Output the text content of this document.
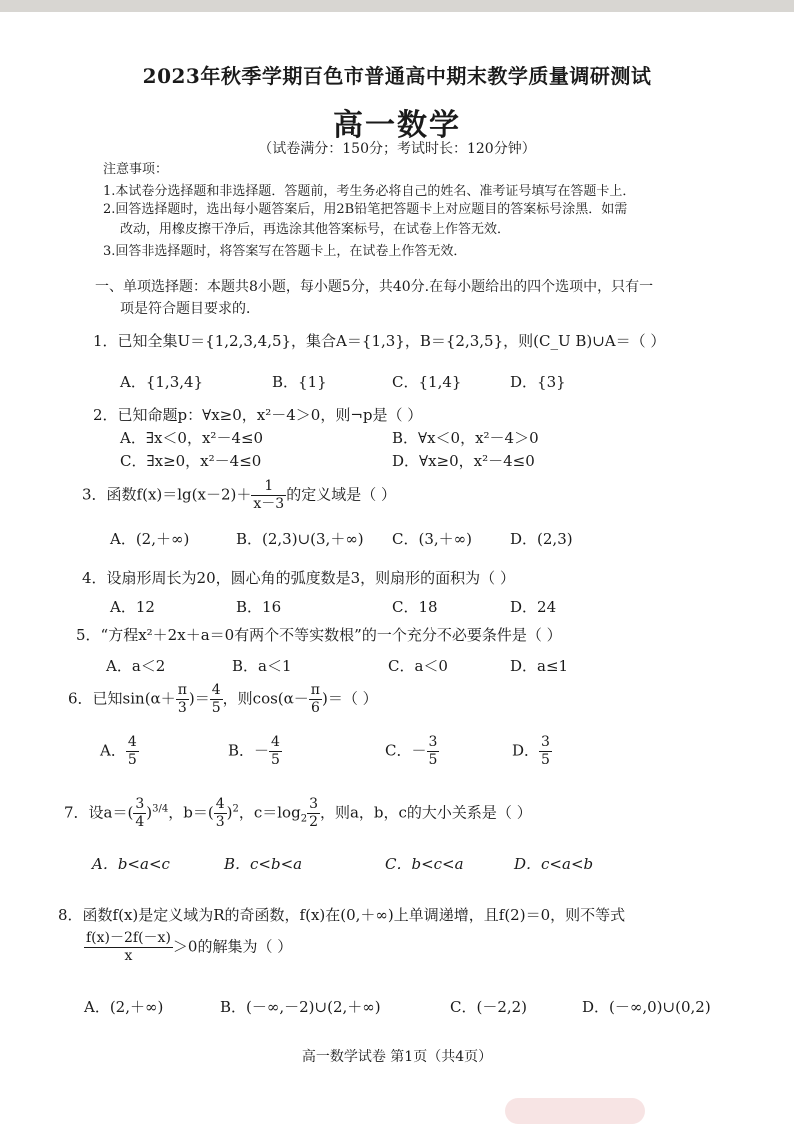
2023年秋季学期百色市普通高中期末教学质量调研测试
高一数学
（试卷满分：150分；考试时长：120分钟）
注意事项：
1.本试卷分选择题和非选择题．答题前，考生务必将自己的姓名、准考证号填写在答题卡上．
2.回答选择题时，选出每小题答案后，用2B铅笔把答题卡上对应题目的答案标号涂黑．如需
改动，用橡皮擦干净后，再选涂其他答案标号，在试卷上作答无效．
3.回答非选择题时，将答案写在答题卡上，在试卷上作答无效．
一、单项选择题：本题共8小题，每小题5分，共40分.在每小题给出的四个选项中，只有一
项是符合题目要求的．
1．已知全集U＝{1,2,3,4,5}，集合A＝{1,3}，B＝{2,3,5}，则(C_U B)∪A＝（ ）
A．{1,3,4}	B．{1}	C．{1,4}	D．{3}
2．已知命题p：∀x≥0，x²－4＞0，则¬p是（ ）
A．∃x＜0，x²－4≤0	B．∀x＜0，x²－4＞0
C．∃x≥0，x²－4≤0	D．∀x≥0，x²－4≤0
3．函数$f(x)=\lg(x-2)+ \frac{1}{x-3}$ 的定义域是（ ）
A．(2,＋∞)	B．(2,3)∪(3,＋∞) C．(3,＋∞)	D．(2,3)
4．设扇形周长为20，圆心角的弧度数是3，则扇形的面积为（ ）
A．12	B．16	C．18	D．24
5．“方程x²＋2x＋a＝0有两个不等实数根”的一个充分不必要条件是（ ）
A．a＜2	B．a＜1	C．a＜0	D．a≤1
6．已知$\sin(\alpha+ \frac{\pi}{3}$ )＝ $\frac{4}{5}$ ，则$\cos(\alpha- \frac{\pi}{6}$ )＝（ ）
A． $\frac{4}{5}$	B．－ $\frac{4}{5}$	C．－ $\frac{3}{5}$	D． $\frac{3}{5}$
7．设$a=( \frac{3}{4} )^{3/4}$，$b=( \frac{4}{3} )^2$，$c=\log_2 \frac{3}{2}$ ，则a，b，c的大小关系是（ ）
A．b<a<c	B．c<b<a	C．b<c<a	D．c<a<b
8．函数f(x)是定义域为R的奇函数，f(x)在(0,＋∞)上单调递增，且f(2)＝0，则不等式
$\frac{f(x)-2f(-x)}{x} >0$的解集为（ ）
A．(2,＋∞)	B．(－∞,－2)∪(2,＋∞)	C．(－2,2)	D．(－∞,0)∪(0,2)
高一数学试卷 第1页（共4页）
